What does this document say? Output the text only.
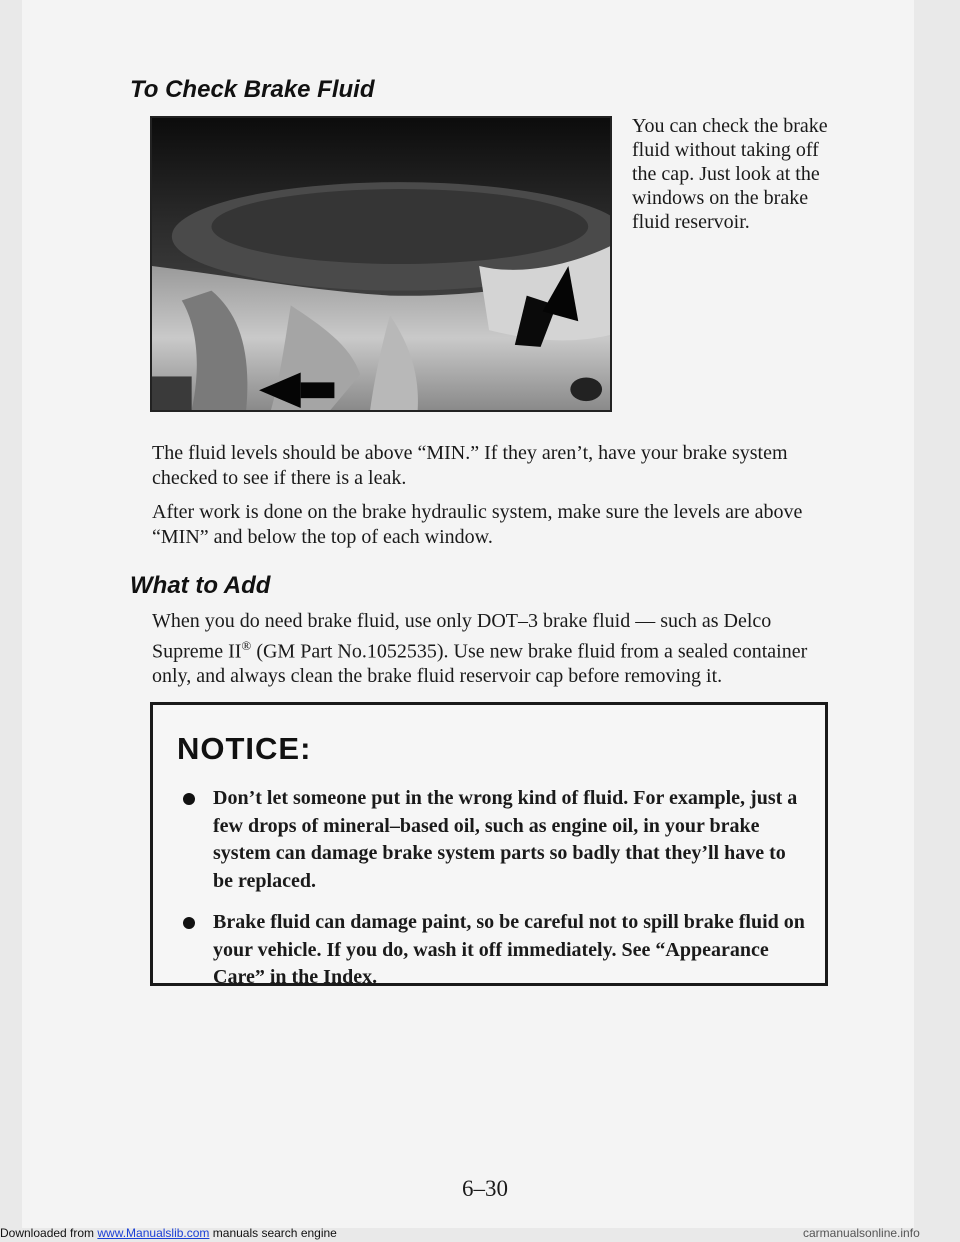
To Check Brake Fluid

You can check the brake fluid without taking off the cap. Just look at the windows on the brake fluid reservoir.

The fluid levels should be above “MIN.” If they aren’t, have your brake system checked to see if there is a leak.

After work is done on the brake hydraulic system, make sure the levels are above “MIN” and below the top of each window.

What to Add

When you do need brake fluid, use only DOT–3 brake fluid — such as Delco Supreme II® (GM Part No.1052535). Use new brake fluid from a sealed container only, and always clean the brake fluid reservoir cap before removing it.

NOTICE:
Don’t let someone put in the wrong kind of fluid. For example, just a few drops of mineral–based oil, such as engine oil, in your brake system can damage brake system parts so badly that they’ll have to be replaced.
Brake fluid can damage paint, so be careful not to spill brake fluid on your vehicle. If you do, wash it off immediately. See “Appearance Care” in the Index.

6–30

Downloaded from www.Manualslib.com manuals search engine	carmanualsonline.info
